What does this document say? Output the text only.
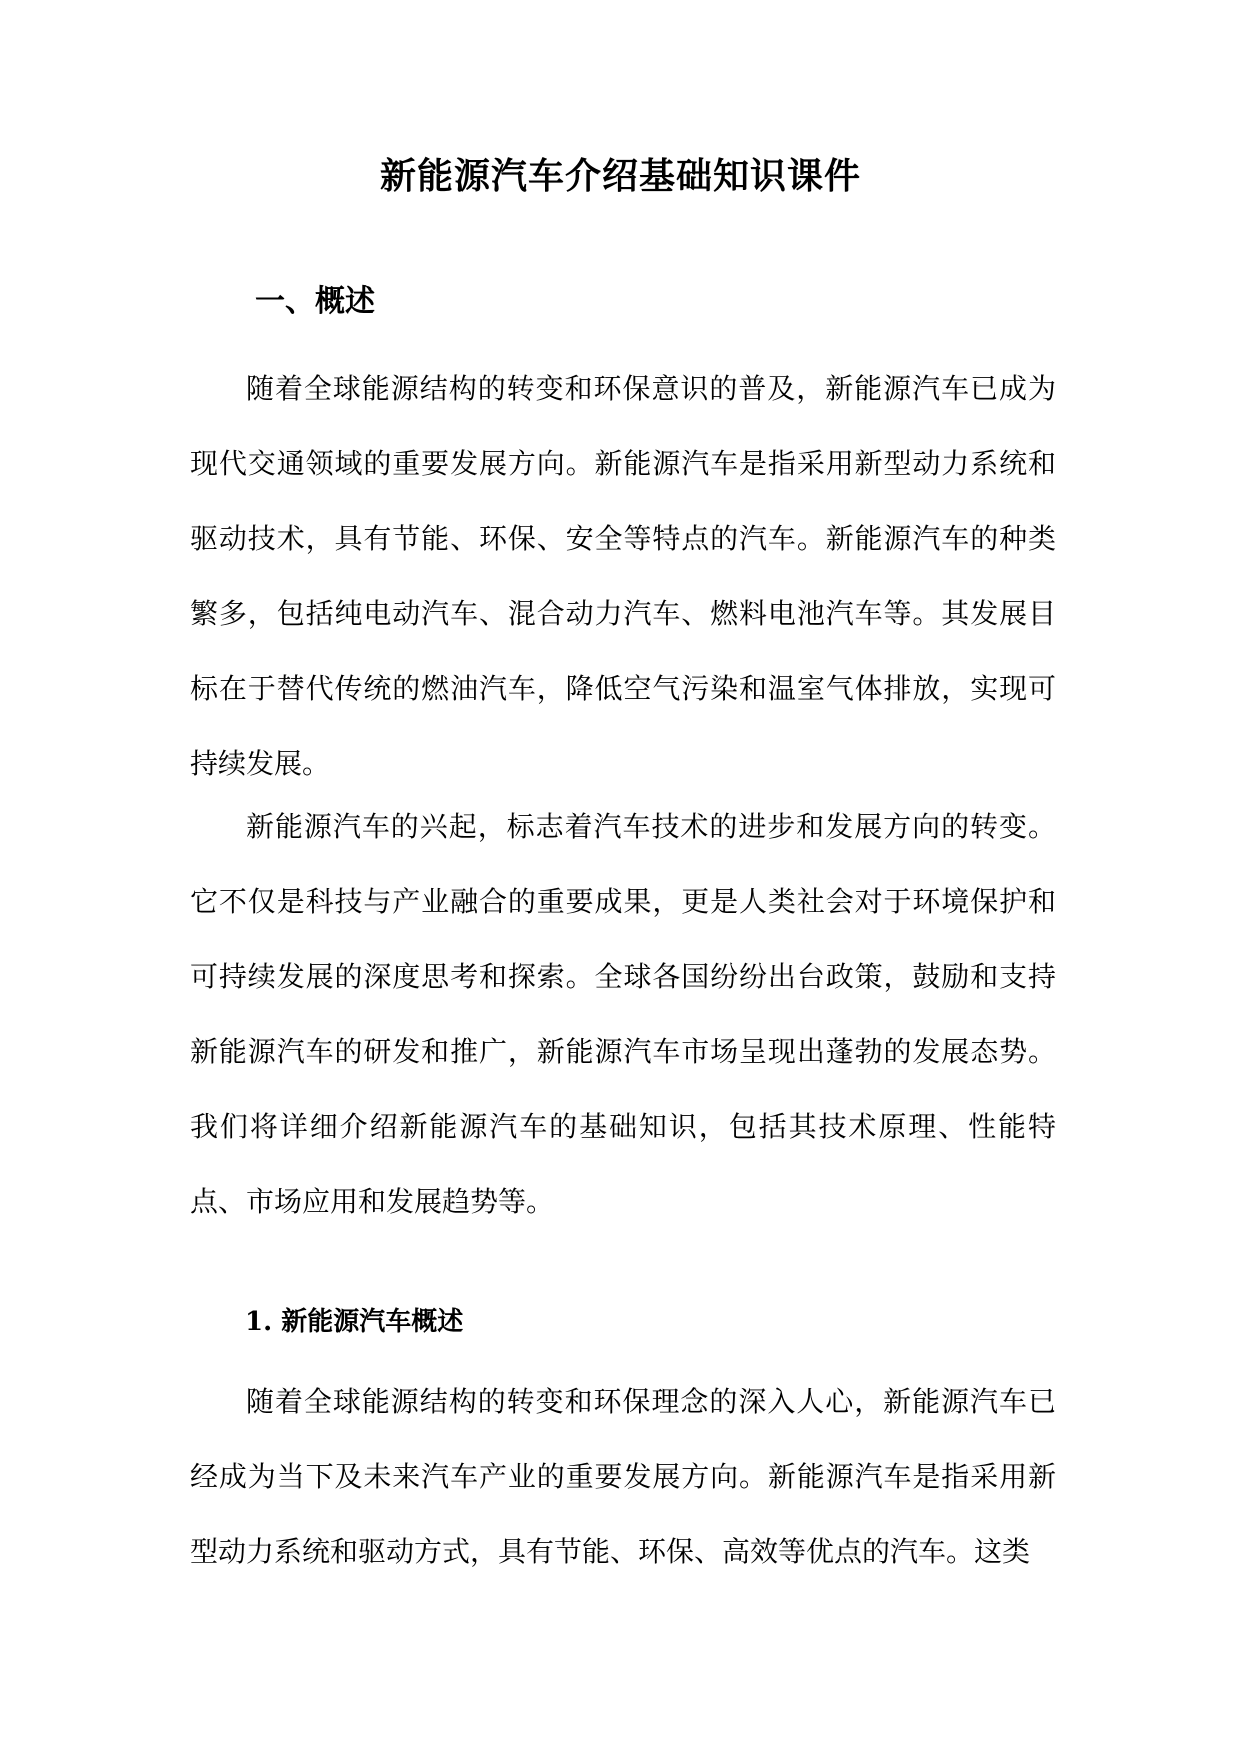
新能源汽车介绍基础知识课件
一、概述

随着全球能源结构的转变和环保意识的普及，新能源汽车已成为现代交通领域的重要发展方向。新能源汽车是指采用新型动力系统和驱动技术，具有节能、环保、安全等特点的汽车。新能源汽车的种类繁多，包括纯电动汽车、混合动力汽车、燃料电池汽车等。其发展目标在于替代传统的燃油汽车，降低空气污染和温室气体排放，实现可持续发展。

新能源汽车的兴起，标志着汽车技术的进步和发展方向的转变。它不仅是科技与产业融合的重要成果，更是人类社会对于环境保护和可持续发展的深度思考和探索。全球各国纷纷出台政策，鼓励和支持新能源汽车的研发和推广，新能源汽车市场呈现出蓬勃的发展态势。我们将详细介绍新能源汽车的基础知识，包括其技术原理、性能特点、市场应用和发展趋势等。

1. 新能源汽车概述

随着全球能源结构的转变和环保理念的深入人心，新能源汽车已经成为当下及未来汽车产业的重要发展方向。新能源汽车是指采用新型动力系统和驱动方式，具有节能、环保、高效等优点的汽车。这类
